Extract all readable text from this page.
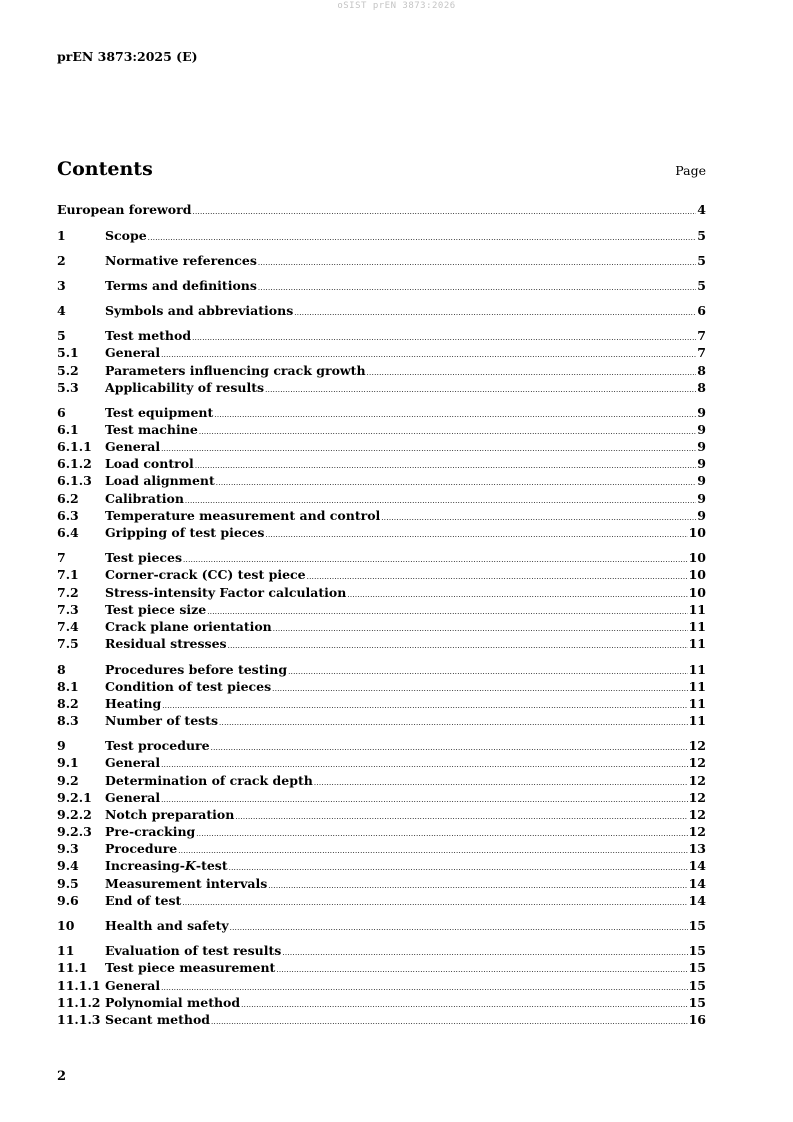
oSIST prEN 3873:2026
prEN 3873:2025 (E)
Contents	Page
European foreword .....	4
1	Scope .....	5
2	Normative references .....	5
3	Terms and definitions .....	5
4	Symbols and abbreviations .....	6
5	Test method .....	7
5.1	General .....	7
5.2	Parameters influencing crack growth .....	8
5.3	Applicability of results .....	8
6	Test equipment .....	9
6.1	Test machine .....	9
6.1.1	General .....	9
6.1.2	Load control .....	9
6.1.3	Load alignment .....	9
6.2	Calibration .....	9
6.3	Temperature measurement and control .....	9
6.4	Gripping of test pieces .....	10
7	Test pieces .....	10
7.1	Corner-crack (CC) test piece .....	10
7.2	Stress-intensity Factor calculation .....	10
7.3	Test piece size .....	11
7.4	Crack plane orientation .....	11
7.5	Residual stresses .....	11
8	Procedures before testing .....	11
8.1	Condition of test pieces .....	11
8.2	Heating .....	11
8.3	Number of tests .....	11
9	Test procedure .....	12
9.1	General .....	12
9.2	Determination of crack depth .....	12
9.2.1	General .....	12
9.2.2	Notch preparation .....	12
9.2.3	Pre-cracking .....	12
9.3	Procedure .....	13
9.4	Increasing-K-test .....	14
9.5	Measurement intervals .....	14
9.6	End of test .....	14
10	Health and safety .....	15
11	Evaluation of test results .....	15
11.1	Test piece measurement .....	15
11.1.1 General .....	15
11.1.2 Polynomial method .....	15
11.1.3 Secant method .....	16
2
